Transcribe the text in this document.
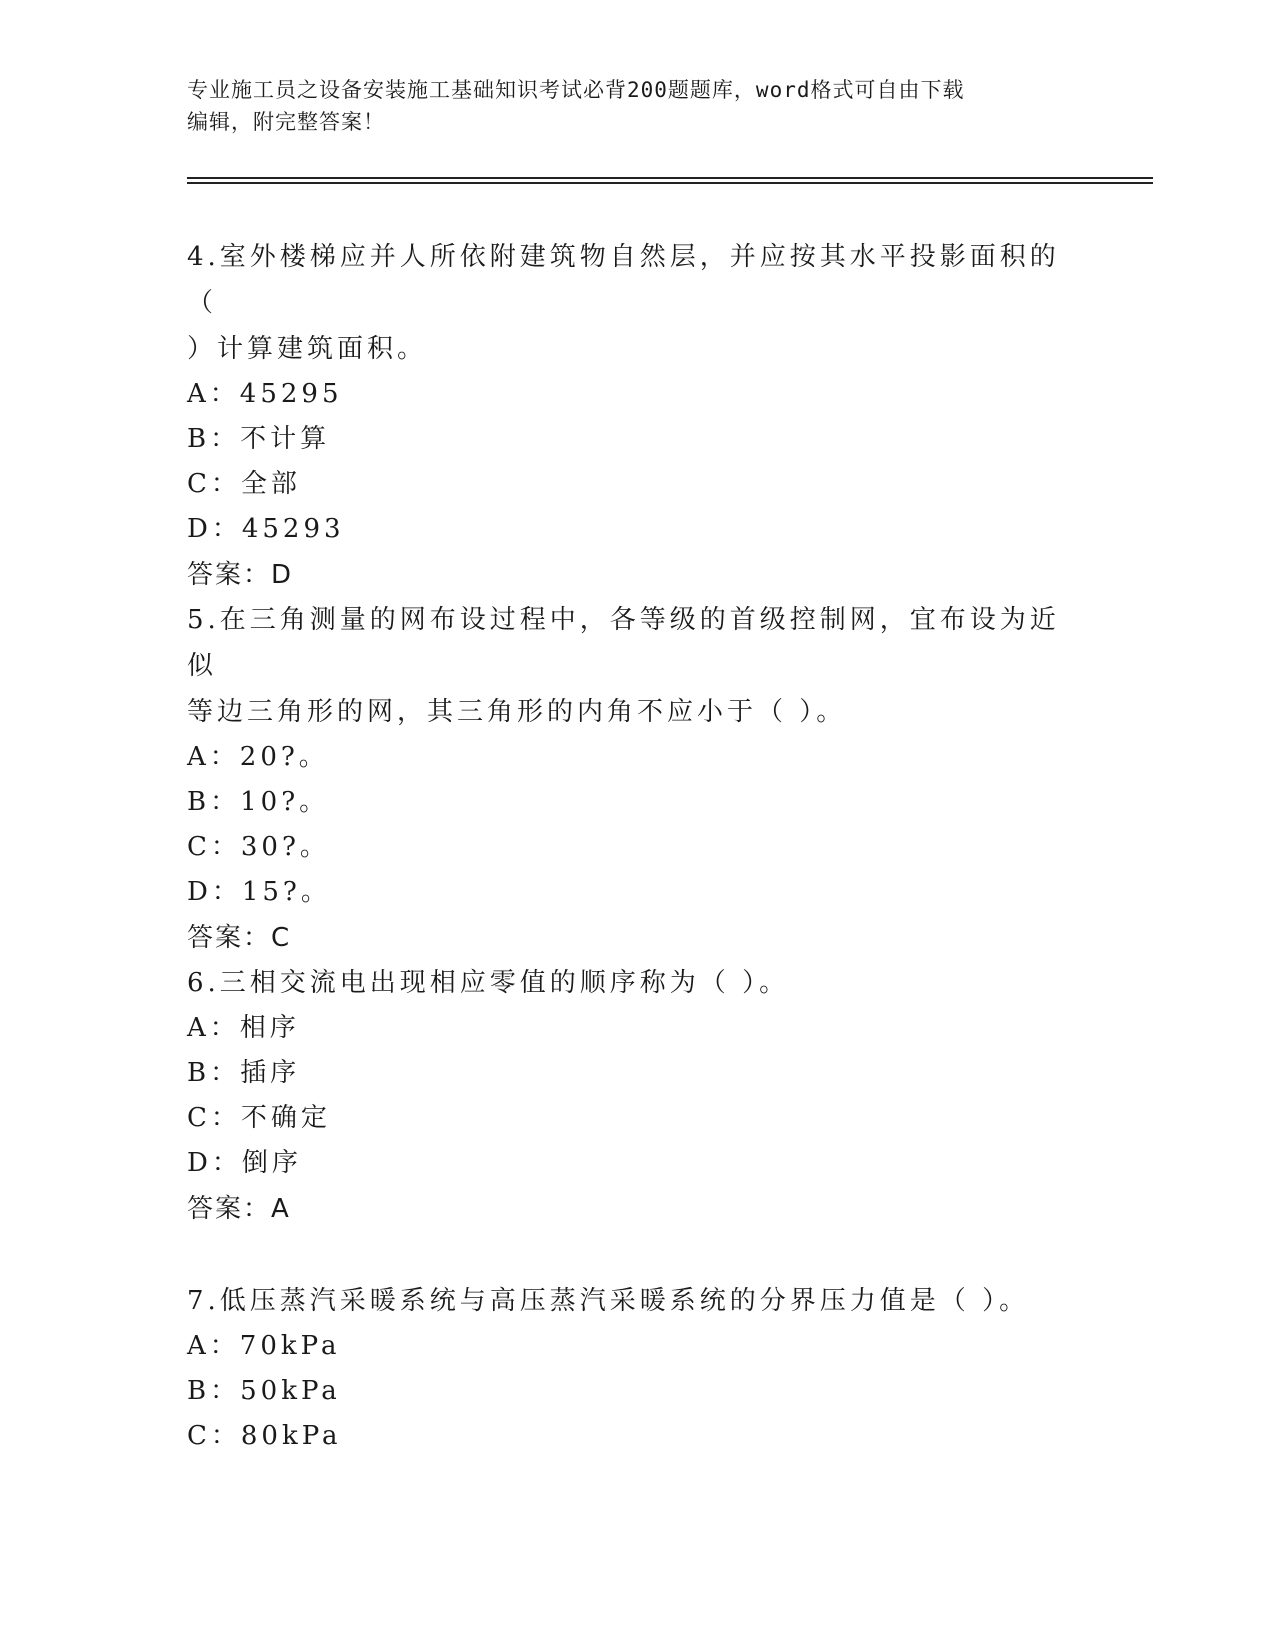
专业施工员之设备安装施工基础知识考试必背200题题库，word格式可自由下载
编辑，附完整答案！
4.室外楼梯应并人所依附建筑物自然层，并应按其水平投影面积的（
）计算建筑面积。
A：45295
B：不计算
C：全部
D：45293
答案：D
5.在三角测量的网布设过程中，各等级的首级控制网，宜布设为近似
等边三角形的网，其三角形的内角不应小于（ ）。
A：20?。
B：10?。
C：30?。
D：15?。
答案：C
6.三相交流电出现相应零值的顺序称为（ ）。
A：相序
B：插序
C：不确定
D：倒序
答案：A
7.低压蒸汽采暖系统与高压蒸汽采暖系统的分界压力值是（ ）。
A：70kPa
B：50kPa
C：80kPa
